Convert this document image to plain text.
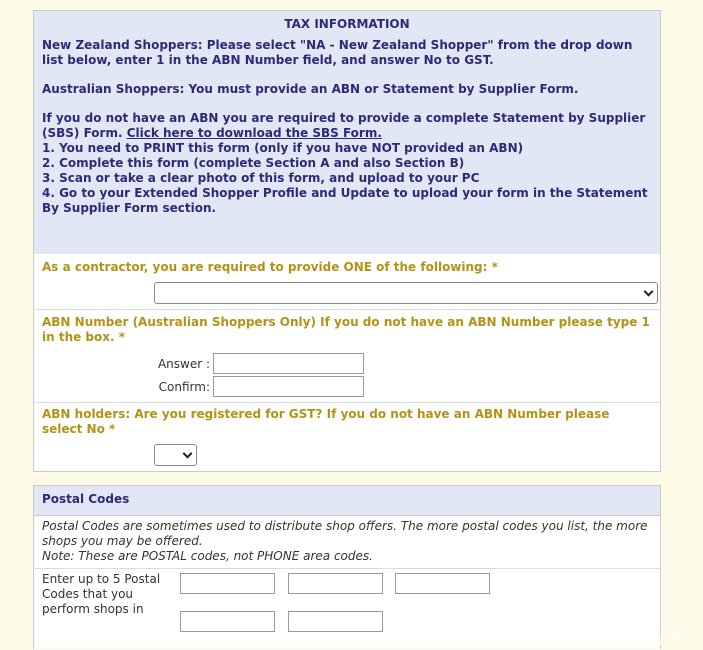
TAX INFORMATION

New Zealand Shoppers: Please select "NA - New Zealand Shopper" from the drop down list below, enter 1 in the ABN Number field, and answer No to GST.

Australian Shoppers: You must provide an ABN or Statement by Supplier Form.

If you do not have an ABN you are required to provide a complete Statement by Supplier (SBS) Form. Click here to download the SBS Form.
1. You need to PRINT this form (only if you have NOT provided an ABN)
2. Complete this form (complete Section A and also Section B)
3. Scan or take a clear photo of this form, and upload to your PC
4. Go to your Extended Shopper Profile and Update to upload your form in the Statement By Supplier Form section.
As a contractor, you are required to provide ONE of the following: *
ABN Number (Australian Shoppers Only) If you do not have an ABN Number please type 1 in the box. *
Answer :
Confirm:
ABN holders: Are you registered for GST? If you do not have an ABN Number please select No *
Postal Codes

Postal Codes are sometimes used to distribute shop offers. The more postal codes you list, the more shops you may be offered.

Note: These are POSTAL codes, not PHONE area codes.

Enter up to 5 Postal Codes that you perform shops in
什么值得买
